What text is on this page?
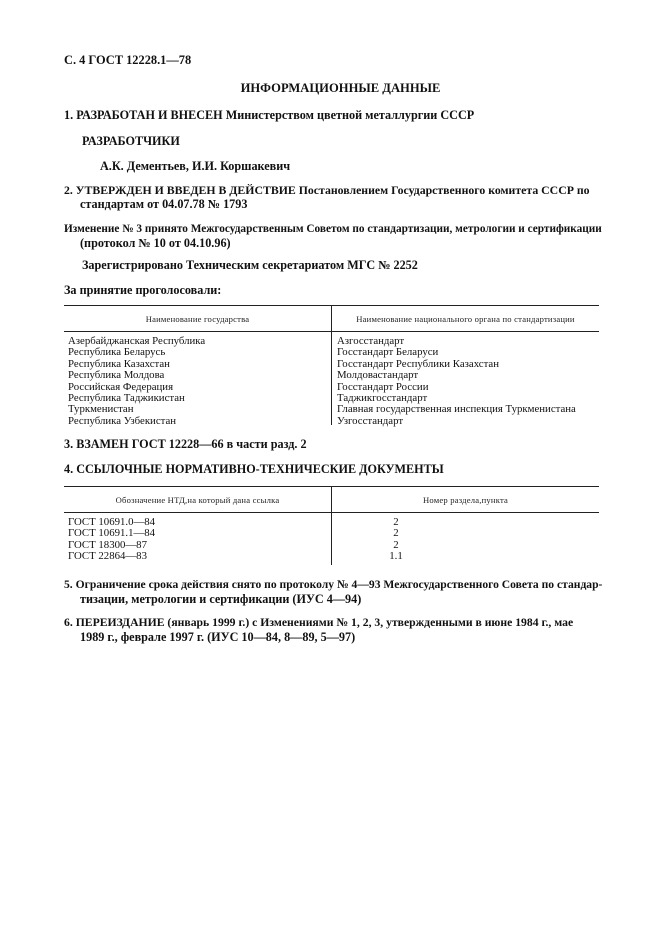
С. 4 ГОСТ 12228.1—78
ИНФОРМАЦИОННЫЕ ДАННЫЕ
1. РАЗРАБОТАН И ВНЕСЕН Министерством цветной металлургии СССР
РАЗРАБОТЧИКИ
А.К. Дементьев, И.И. Коршакевич
2. УТВЕРЖДЕН И ВВЕДЕН В ДЕЙСТВИЕ Постановлением Государственного комитета СССР по
стандартам от 04.07.78 № 1793
Изменение № 3 принято Межгосударственным Советом по стандартизации, метрологии и сертификации
(протокол № 10 от 04.10.96)
Зарегистрировано Техническим секретариатом МГС № 2252
За принятие проголосовали:
Наименование государства	Наименование национального органа по стандартизации
Азербайджанская Республика
Республика Беларусь
Республика Казахстан
Республика Молдова
Российская Федерация
Республика Таджикистан
Туркменистан
Республика Узбекистан
Азгосстандарт
Госстандарт Беларуси
Госстандарт Республики Казахстан
Молдовастандарт
Госстандарт России
Таджикгосстандарт
Главная государственная инспекция Туркменистана
Узгосстандарт
3. ВЗАМЕН ГОСТ 12228—66 в части разд. 2
4. ССЫЛОЧНЫЕ НОРМАТИВНО-ТЕХНИЧЕСКИЕ ДОКУМЕНТЫ
Обозначение НТД,на который дана ссылка	Номер раздела,пункта
ГОСТ 10691.0—84
ГОСТ 10691.1—84
ГОСТ 18300—87
ГОСТ 22864—83
2
2
2
1.1
5. Ограничение срока действия снято по протоколу № 4—93 Межгосударственного Совета по стандар-
тизации, метрологии и сертификации (ИУС 4—94)
6. ПЕРЕИЗДАНИЕ (январь 1999 г.) с Изменениями № 1, 2, 3, утвержденными в июне 1984 г., мае
1989 г., феврале 1997 г. (ИУС 10—84, 8—89, 5—97)
